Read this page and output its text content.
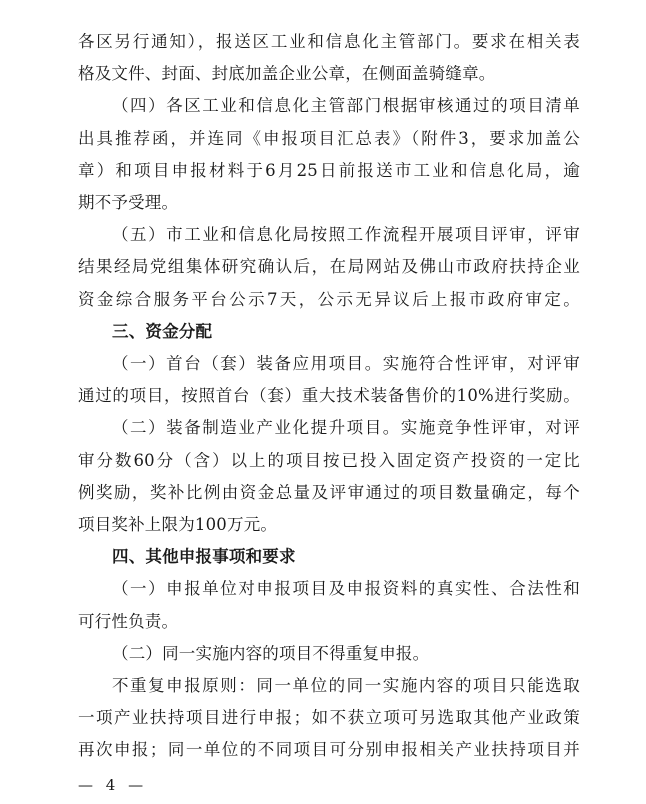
各区另行通知），报送区工业和信息化主管部门。要求在相关表
格及文件、封面、封底加盖企业公章，在侧面盖骑缝章。
（四）各区工业和信息化主管部门根据审核通过的项目清单
出具推荐函，并连同《申报项目汇总表》（附件3，要求加盖公
章）和项目申报材料于6月25日前报送市工业和信息化局，逾
期不予受理。
（五）市工业和信息化局按照工作流程开展项目评审，评审
结果经局党组集体研究确认后，在局网站及佛山市政府扶持企业
资金综合服务平台公示7天，公示无异议后上报市政府审定。
三、资金分配
（一）首台（套）装备应用项目。实施符合性评审，对评审
通过的项目，按照首台（套）重大技术装备售价的10%进行奖励。
（二）装备制造业产业化提升项目。实施竞争性评审，对评
审分数60分（含）以上的项目按已投入固定资产投资的一定比
例奖励，奖补比例由资金总量及评审通过的项目数量确定，每个
项目奖补上限为100万元。
四、其他申报事项和要求
（一）申报单位对申报项目及申报资料的真实性、合法性和
可行性负责。
（二）同一实施内容的项目不得重复申报。
不重复申报原则：同一单位的同一实施内容的项目只能选取
一项产业扶持项目进行申报；如不获立项可另选取其他产业政策
再次申报；同一单位的不同项目可分别申报相关产业扶持项目并
— 4 —
